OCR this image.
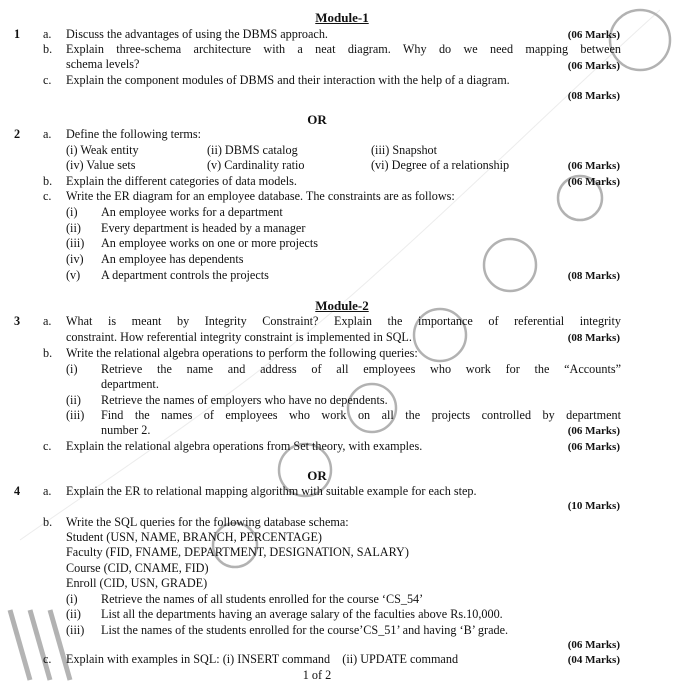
Module-1
1 a. Discuss the advantages of using the DBMS approach.	(06 Marks)
b. Explain three-schema architecture with a neat diagram. Why do we need mapping between
schema levels?	(06 Marks)
c. Explain the component modules of DBMS and their interaction with the help of a diagram.
(08 Marks)
OR
2 a. Define the following terms:
(i) Weak entity	(ii) DBMS catalog	(iii) Snapshot
(iv) Value sets	(v) Cardinality ratio	(vi) Degree of a relationship	(06 Marks)
b. Explain the different categories of data models.	(06 Marks)
c. Write the ER diagram for an employee database. The constraints are as follows:
(i) An employee works for a department
(ii) Every department is headed by a manager
(iii) An employee works on one or more projects
(iv) An employee has dependents
(v) A department controls the projects	(08 Marks)
Module-2
3 a. What is meant by Integrity Constraint? Explain the importance of referential integrity
constraint. How referential integrity constraint is implemented in SQL.	(08 Marks)
b. Write the relational algebra operations to perform the following queries:
(i) Retrieve the name and address of all employees who work for the “Accounts”
department.
(ii) Retrieve the names of employers who have no dependents.
(iii) Find the names of employees who work on all the projects controlled by department
number 2.	(06 Marks)
c. Explain the relational algebra operations from Set theory, with examples.	(06 Marks)
OR
4 a. Explain the ER to relational mapping algorithm with suitable example for each step.
(10 Marks)
b. Write the SQL queries for the following database schema:
Student (USN, NAME, BRANCH, PERCENTAGE)
Faculty (FID, FNAME, DEPARTMENT, DESIGNATION, SALARY)
Course (CID, CNAME, FID)
Enroll (CID, USN, GRADE)
(i) Retrieve the names of all students enrolled for the course ‘CS_54’
(ii) List all the departments having an average salary of the faculties above Rs.10,000.
(iii) List the names of the students enrolled for the course’CS_51’ and having ‘B’ grade.
(06 Marks)
c. Explain with examples in SQL: (i) INSERT command    (ii) UPDATE command	(04 Marks)
1 of 2
